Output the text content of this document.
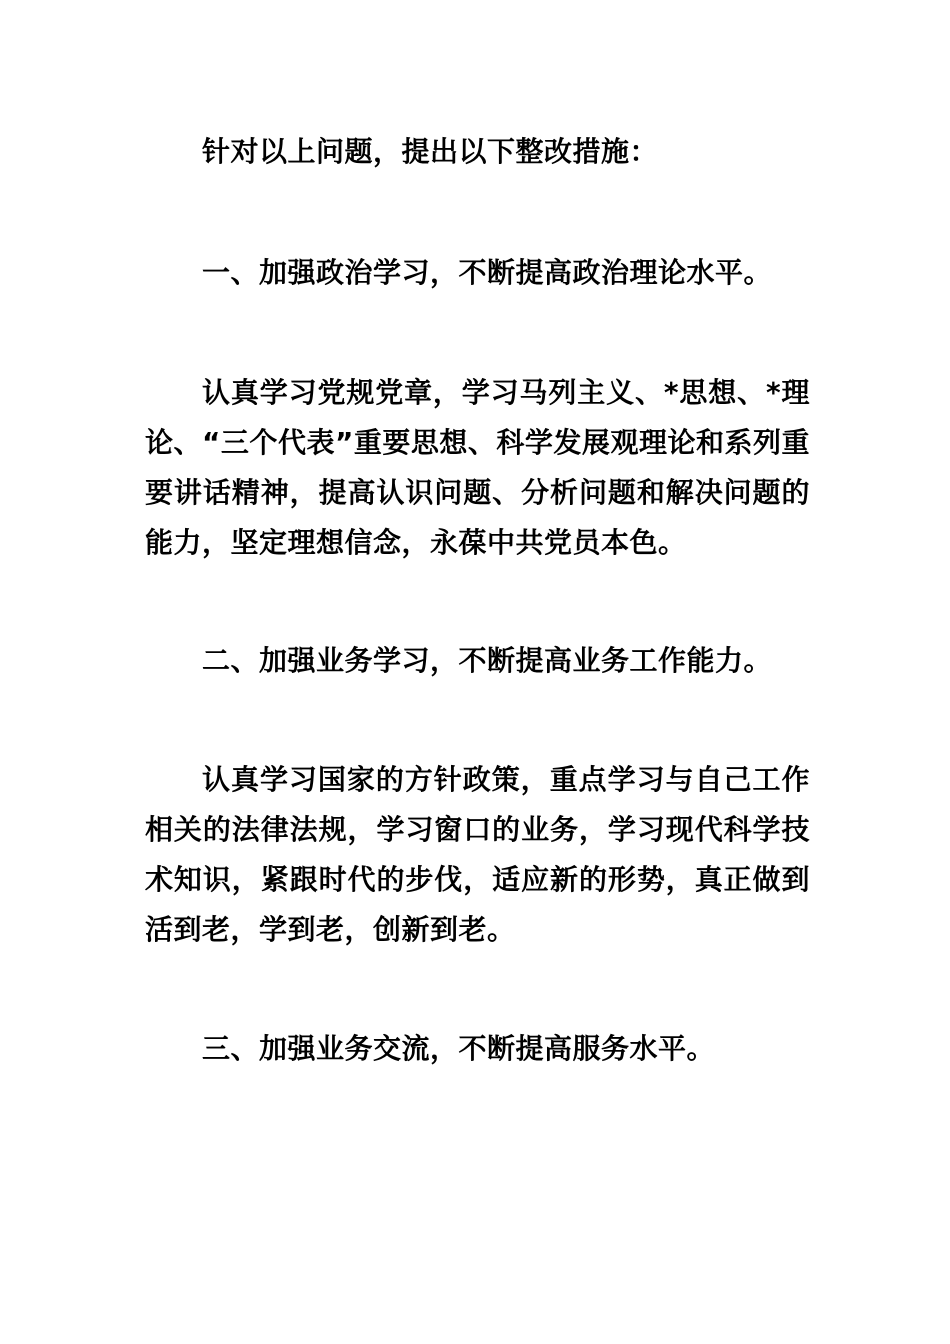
针对以上问题，提出以下整改措施：

一、加强政治学习，不断提高政治理论水平。

认真学习党规党章，学习马列主义、*思想、*理论、“三个代表”重要思想、科学发展观理论和系列重要讲话精神，提高认识问题、分析问题和解决问题的能力，坚定理想信念，永葆中共党员本色。

二、加强业务学习，不断提高业务工作能力。

认真学习国家的方针政策，重点学习与自己工作相关的法律法规，学习窗口的业务，学习现代科学技术知识，紧跟时代的步伐，适应新的形势，真正做到活到老，学到老，创新到老。

三、加强业务交流，不断提高服务水平。
